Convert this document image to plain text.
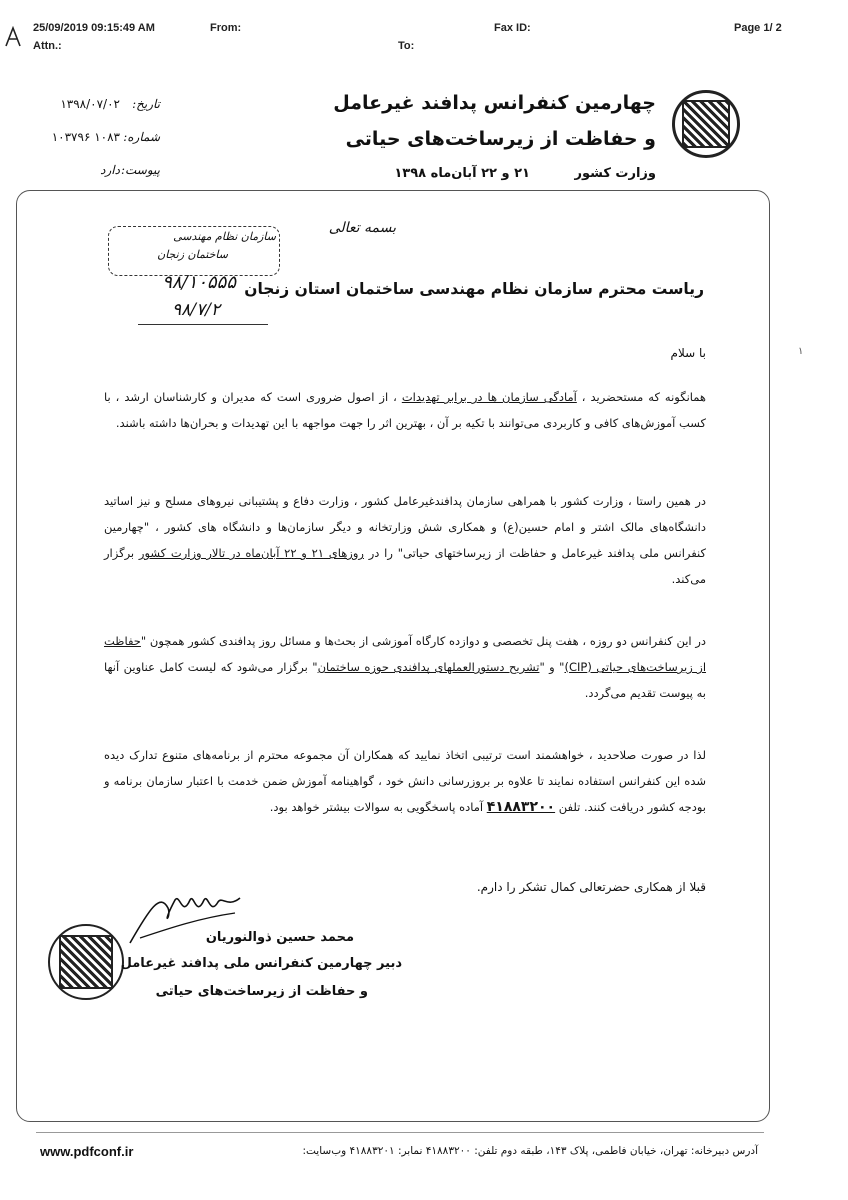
25/09/2019 09:15:49 AM	From:
Attn.:
Fax ID:
To:
Page 1/ 2
چهارمین کنفرانس پدافند غیرعامل
و حفاظت از زیرساخت‌های حیاتی
وزارت کشور
۲۱ و ۲۲ آبان‌ماه ۱۳۹۸
تاریخ:
۱۳۹۸/۰۷/۰۲
شماره:
۱۰۸۳ ۱۰۳۷۹۶
پیوست:
دارد
بسمه تعالی
سازمان نظام مهندسی
ساختمان زنجان
۹۸/۱۰۵۵۵
۹۸/۷/۲
ریاست محترم سازمان نظام مهندسی ساختمان استان زنجان
با سلام	۱
همانگونه که مستحضرید ، آمادگی سازمان ها در برابر تهدیدات ، از اصول ضروری است که مدیران و کارشناسان ارشد ، با کسب آموزش‌های کافی و کاربردی می‌توانند با تکیه بر آن ، بهترین اثر را جهت مواجهه با این تهدیدات و بحران‌ها داشته باشند.
در همین راستا ، وزارت کشور با همراهی سازمان پدافندغیرعامل کشور ، وزارت دفاع و پشتیبانی نیروهای مسلح و نیز اساتید دانشگاه‌های مالک اشتر و امام حسین(ع) و همکاری شش وزارتخانه و دیگر سازمان‌ها و دانشگاه های کشور ، "چهارمین کنفرانس ملی پدافند غیرعامل و حفاظت از زیرساختهای حیاتی" را در روزهای ۲۱ و ۲۲ آبان‌ماه در تالار وزارت کشور برگزار می‌کند.
در این کنفرانس دو روزه ، هفت پنل تخصصی و دوازده کارگاه آموزشی از بحث‌ها و مسائل روز پدافندی کشور همچون "حفاظت از زیرساخت‌های حیاتی (CIP)" و "تشریح دستورالعملهای پدافندی حوزه ساختمان" برگزار می‌شود که لیست کامل عناوین آنها به پیوست تقدیم می‌گردد.
لذا در صورت صلاحدید ، خواهشمند است ترتیبی اتخاذ نمایید که همکاران آن مجموعه محترم از برنامه‌های متنوع تدارک دیده شده این کنفرانس استفاده نمایند تا علاوه بر بروزرسانی دانش خود ، گواهینامه آموزش ضمن خدمت با اعتبار سازمان برنامه و بودجه کشور دریافت کنند. تلفن ۴۱۸۸۳۲۰۰ آماده پاسخگویی به سوالات بیشتر خواهد بود.
قبلا از همکاری حضرتعالی کمال تشکر را دارم.
محمد حسین ذوالنوریان
دبیر چهارمین کنفرانس ملی پدافند غیرعامل
و حفاظت از زیرساخت‌های حیاتی
www.pdfconf.ir	آدرس دبیرخانه: تهران، خیابان فاطمی، پلاک ۱۴۳، طبقه دوم تلفن: ۴۱۸۸۳۲۰۰ نمابر: ۴۱۸۸۳۲۰۱ وب‌سایت:
